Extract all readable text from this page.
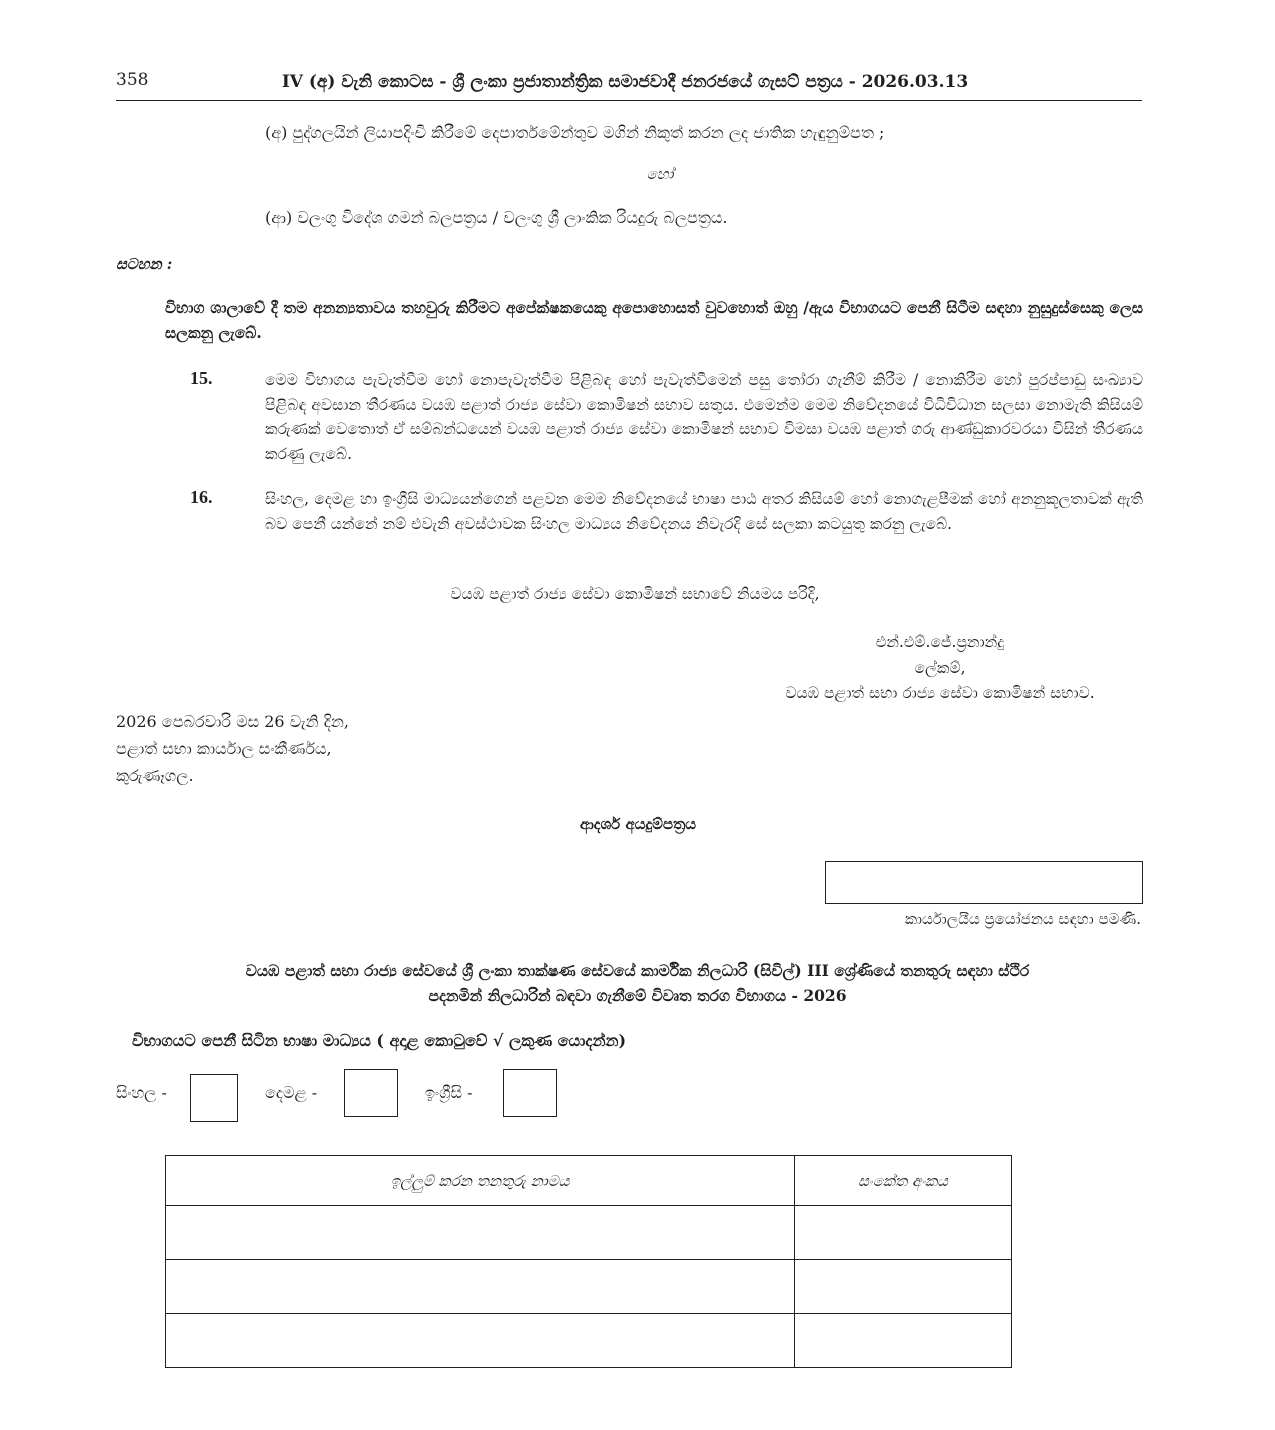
358	IV (අ) වැනි කොටස - ශ්‍රී ලංකා ප්‍රජාතාන්ත්‍රික සමාජවාදී ජනරජයේ ගැසට් පත්‍රය - 2026.03.13
(අ) පුද්ගලයින් ලියාපදිංචි කිරීමේ දෙපාර්තමේන්තුව මගින් නිකුත් කරන ලද ජාතික හැඳුනුම්පත ;
හෝ
(ආ) වලංගු විදේශ ගමන් බලපත්‍රය / වලංගු ශ්‍රී ලාංකික රියදුරු බලපත්‍රය.
සටහන :
විභාග ශාලාවේ දී තම අනන්‍යතාවය තහවුරු කිරීමට අපේක්ෂකයෙකු අපොහොසත් වුවහොත් ඔහු /ඇය විභාගයට පෙනී සිටීම සඳහා නුසුදුස්සෙකු ලෙස සලකනු ලැබේ.
15.	මෙම විභාගය පැවැත්වීම හෝ නොපැවැත්වීම පිළිබඳ හෝ පැවැත්වීමෙන් පසු තෝරා ගැනීම් කිරීම / නොකිරීම හෝ පුරප්පාඩු සංඛ්‍යාව පිළිබඳ අවසාන තීරණය වයඹ පළාත් රාජ්‍ය සේවා කොමිෂන් සභාව සතුය. එමෙන්ම මෙම නිවේදනයේ විධිවිධාන සලසා නොමැති කිසියම් කරුණක් වෙතොත් ඒ සම්බන්ධයෙන් වයඹ පළාත් රාජ්‍ය සේවා කොමිෂන් සභාව විමසා වයඹ පළාත් ගරු ආණ්ඩුකාරවරයා විසින් තීරණය කරණු ලැබේ.
16.	සිංහල, දෙමළ හා ඉංග්‍රීසි මාධ්‍යයන්ගෙන් පළවන මෙම නිවේදනයේ භාෂා පාඨ අතර කිසියම් හෝ නොගැළපීමක් හෝ අනනුකූලතාවක් ඇති බව පෙනී යන්නේ නම් එවැනි අවස්ථාවක සිංහල මාධ්‍යය නිවේදනය නිවැරදි සේ සලකා කටයුතු කරනු ලැබේ.
වයඹ පළාත් රාජ්‍ය සේවා කොමිෂන් සභාවේ නියමය පරිදි,
එන්.එම්.ජේ.ප්‍රනාන්දු
ලේකම්,
වයඹ පළාත් සභා රාජ්‍ය සේවා කොමිෂන් සභාව.
2026 පෙබරවාරි මස 26 වැනි දින,
පළාත් සභා කාර්යාල සංකීර්ණය,
කුරුණෑගල.
ආදර්ශ අයදුම්පත්‍රය
කාර්යාලයීය ප්‍රයෝජනය සඳහා පමණි.
වයඹ පළාත් සභා රාජ්‍ය සේවයේ ශ්‍රී ලංකා තාක්ෂණ සේවයේ කාර්මික නිලධාරි (සිවිල්) III ශ්‍රේණියේ තනතුරු සඳහා ස්ථිර
පදනමින් නිලධාරින් බඳවා ගැනීමේ විවෘත තරග විභාගය - 2026
විභාගයට පෙනී සිටින භාෂා මාධ්‍යය ( අදාළ කොටුවේ √ ලකුණ යොදන්න)
සිංහල -	දෙමළ -	ඉංග්‍රීසි -
ඉල්ලුම් කරන තනතුරු නාමය	සංකේත අංකය
